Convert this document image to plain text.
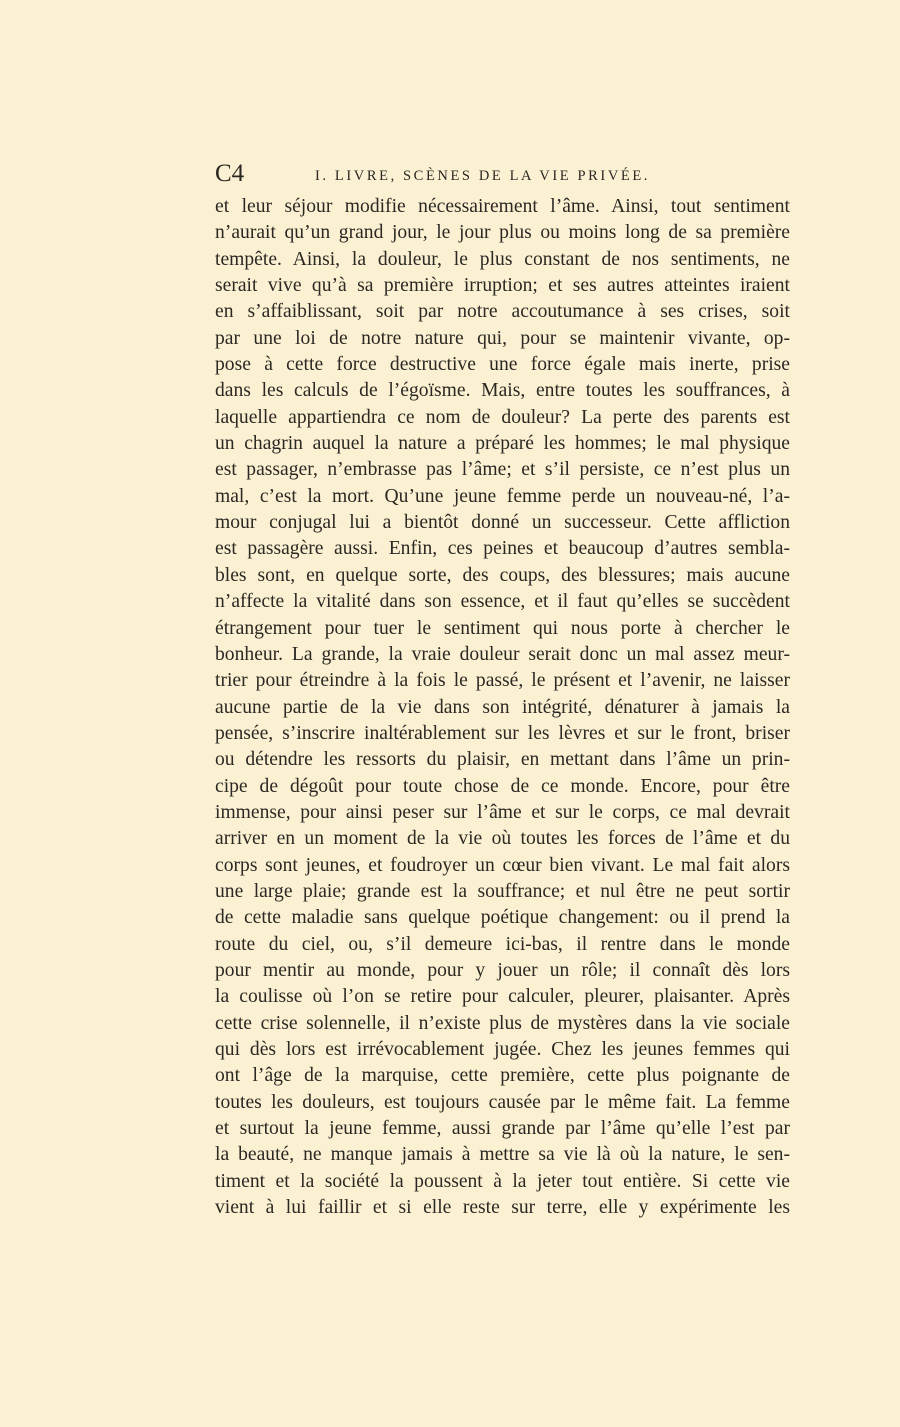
C4	I. LIVRE, SCÈNES DE LA VIE PRIVÉE.
et leur séjour modifie nécessairement l’âme. Ainsi, tout sentiment
n’aurait qu’un grand jour, le jour plus ou moins long de sa première
tempête. Ainsi, la douleur, le plus constant de nos sentiments, ne
serait vive qu’à sa première irruption; et ses autres atteintes iraient
en s’affaiblissant, soit par notre accoutumance à ses crises, soit
par une loi de notre nature qui, pour se maintenir vivante, op-
pose à cette force destructive une force égale mais inerte, prise
dans les calculs de l’égoïsme. Mais, entre toutes les souffrances, à
laquelle appartiendra ce nom de douleur? La perte des parents est
un chagrin auquel la nature a préparé les hommes; le mal physique
est passager, n’embrasse pas l’âme; et s’il persiste, ce n’est plus un
mal, c’est la mort. Qu’une jeune femme perde un nouveau-né, l’a-
mour conjugal lui a bientôt donné un successeur. Cette affliction
est passagère aussi. Enfin, ces peines et beaucoup d’autres sembla-
bles sont, en quelque sorte, des coups, des blessures; mais aucune
n’affecte la vitalité dans son essence, et il faut qu’elles se succèdent
étrangement pour tuer le sentiment qui nous porte à chercher le
bonheur. La grande, la vraie douleur serait donc un mal assez meur-
trier pour étreindre à la fois le passé, le présent et l’avenir, ne laisser
aucune partie de la vie dans son intégrité, dénaturer à jamais la
pensée, s’inscrire inaltérablement sur les lèvres et sur le front, briser
ou détendre les ressorts du plaisir, en mettant dans l’âme un prin-
cipe de dégoût pour toute chose de ce monde. Encore, pour être
immense, pour ainsi peser sur l’âme et sur le corps, ce mal devrait
arriver en un moment de la vie où toutes les forces de l’âme et du
corps sont jeunes, et foudroyer un cœur bien vivant. Le mal fait alors
une large plaie; grande est la souffrance; et nul être ne peut sortir
de cette maladie sans quelque poétique changement: ou il prend la
route du ciel, ou, s’il demeure ici-bas, il rentre dans le monde
pour mentir au monde, pour y jouer un rôle; il connaît dès lors
la coulisse où l’on se retire pour calculer, pleurer, plaisanter. Après
cette crise solennelle, il n’existe plus de mystères dans la vie sociale
qui dès lors est irrévocablement jugée. Chez les jeunes femmes qui
ont l’âge de la marquise, cette première, cette plus poignante de
toutes les douleurs, est toujours causée par le même fait. La femme
et surtout la jeune femme, aussi grande par l’âme qu’elle l’est par
la beauté, ne manque jamais à mettre sa vie là où la nature, le sen-
timent et la société la poussent à la jeter tout entière. Si cette vie
vient à lui faillir et si elle reste sur terre, elle y expérimente les
